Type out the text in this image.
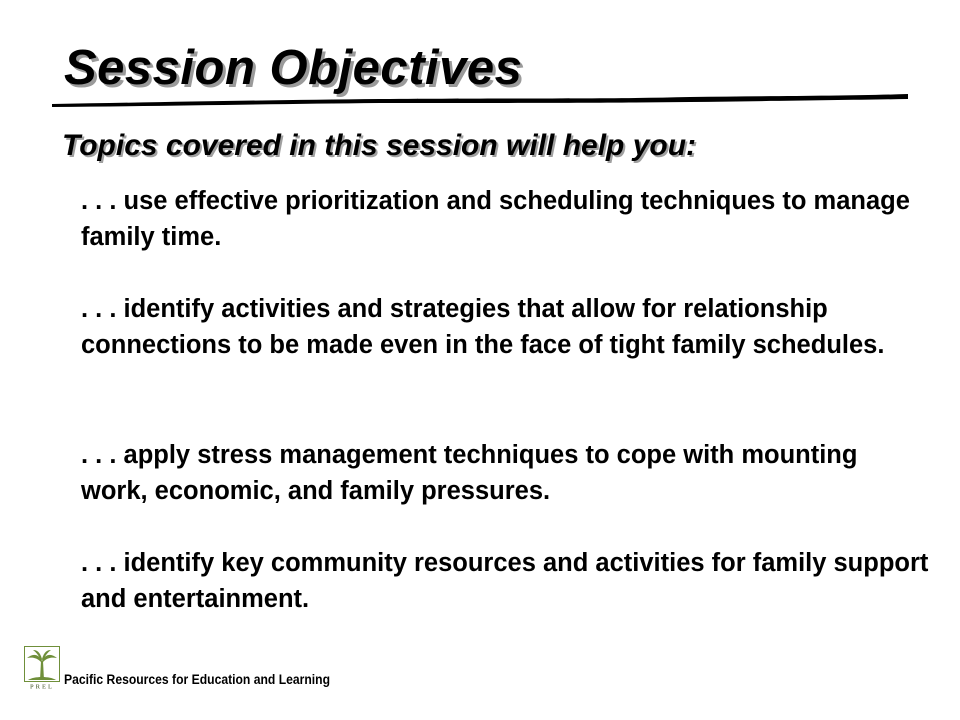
Session Objectives
Topics covered in this session will help you:
. . . use effective prioritization and scheduling techniques to manage family time.
. . . identify activities and strategies that allow for relationship connections to be made even in the face of tight family schedules.
. . . apply stress management techniques to cope with mounting work, economic, and family pressures.
. . . identify key community resources and activities for family support and entertainment.
PREL Pacific Resources for Education and Learning
